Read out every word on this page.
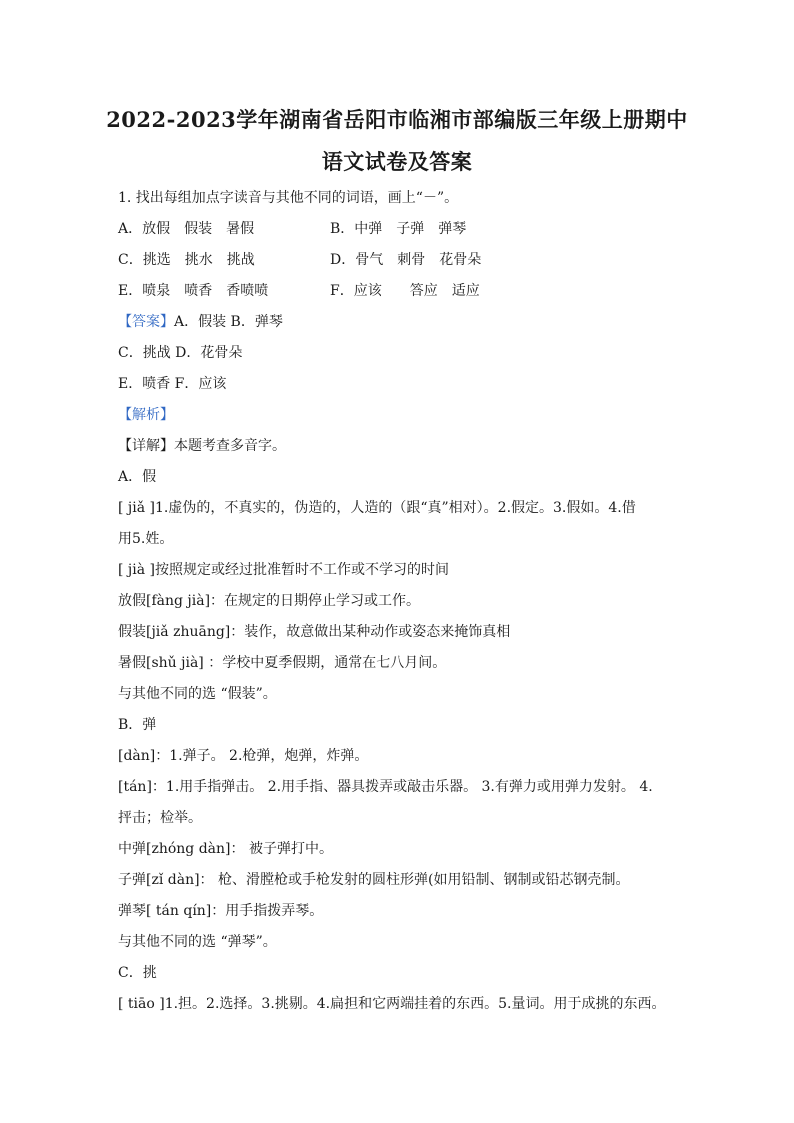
2022-2023学年湖南省岳阳市临湘市部编版三年级上册期中
语文试卷及答案
1. 找出每组加点字读音与其他不同的词语，画上“－”。
A．放假 假装 暑假	B．中弹 子弹 弹琴
C．挑选 挑水 挑战	D．骨气 刺骨 花骨朵
E．喷泉 喷香 香喷喷	F．应该 答应 适应
【答案】A．假装 B．弹琴
C．挑战 D．花骨朵
E．喷香 F．应该
【解析】
【详解】本题考查多音字。
A．假
[ jiǎ ]1.虚伪的，不真实的，伪造的，人造的（跟“真”相对）。2.假定。3.假如。4.借
用5.姓。
[ jià ]按照规定或经过批准暂时不工作或不学习的时间
放假[fàng jià]：在规定的日期停止学习或工作。
假装[jiǎ zhuāng]：装作，故意做出某种动作或姿态来掩饰真相
暑假[shǔ jià] ：学校中夏季假期，通常在七八月间。
与其他不同的选 “假装”。
B．弹
[dàn]：1.弹子。 2.枪弹，炮弹，炸弹。
[tán]：1.用手指弹击。 2.用手指、器具拨弄或敲击乐器。 3.有弹力或用弹力发射。 4.
抨击；检举。
中弹[zhóng dàn]： 被子弹打中。
子弹[zǐ dàn]： 枪、滑膛枪或手枪发射的圆柱形弹(如用铅制、钢制或铅芯钢壳制。
弹琴[ tán qín]：用手指拨弄琴。
与其他不同的选 “弹琴”。
C．挑
[ tiāo ]1.担。2.选择。3.挑剔。4.扁担和它两端挂着的东西。5.量词。用于成挑的东西。
